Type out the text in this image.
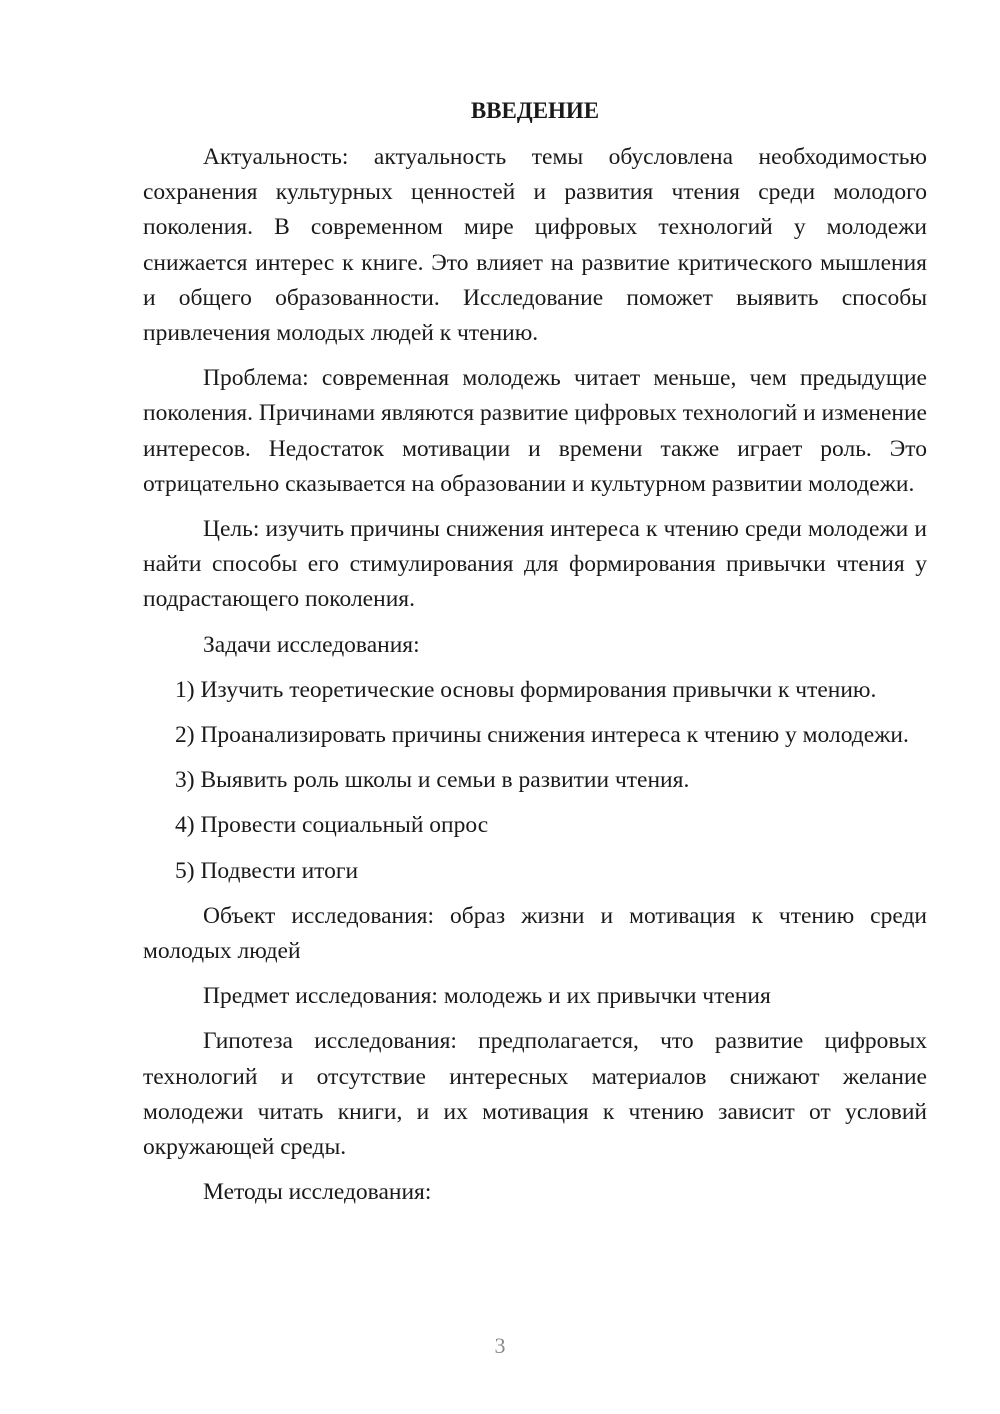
ВВЕДЕНИЕ

Актуальность: актуальность темы обусловлена необходимостью сохранения культурных ценностей и развития чтения среди молодого поколения. В современном мире цифровых технологий у молодежи снижается интерес к книге. Это влияет на развитие критического мышления и общего образованности. Исследование поможет выявить способы привлечения молодых людей к чтению.

Проблема: современная молодежь читает меньше, чем предыдущие поколения. Причинами являются развитие цифровых технологий и изменение интересов. Недостаток мотивации и времени также играет роль. Это отрицательно сказывается на образовании и культурном развитии молодежи.

Цель: изучить причины снижения интереса к чтению среди молодежи и найти способы его стимулирования для формирования привычки чтения у подрастающего поколения.

Задачи исследования:

1) Изучить теоретические основы формирования привычки к чтению.

2) Проанализировать причины снижения интереса к чтению у молодежи.

3) Выявить роль школы и семьи в развитии чтения.

4) Провести социальный опрос

5) Подвести итоги

Объект исследования: образ жизни и мотивация к чтению среди молодых людей

Предмет исследования: молодежь и их привычки чтения

Гипотеза исследования: предполагается, что развитие цифровых технологий и отсутствие интересных материалов снижают желание молодежи читать книги, и их мотивация к чтению зависит от условий окружающей среды.

Методы исследования:

3
